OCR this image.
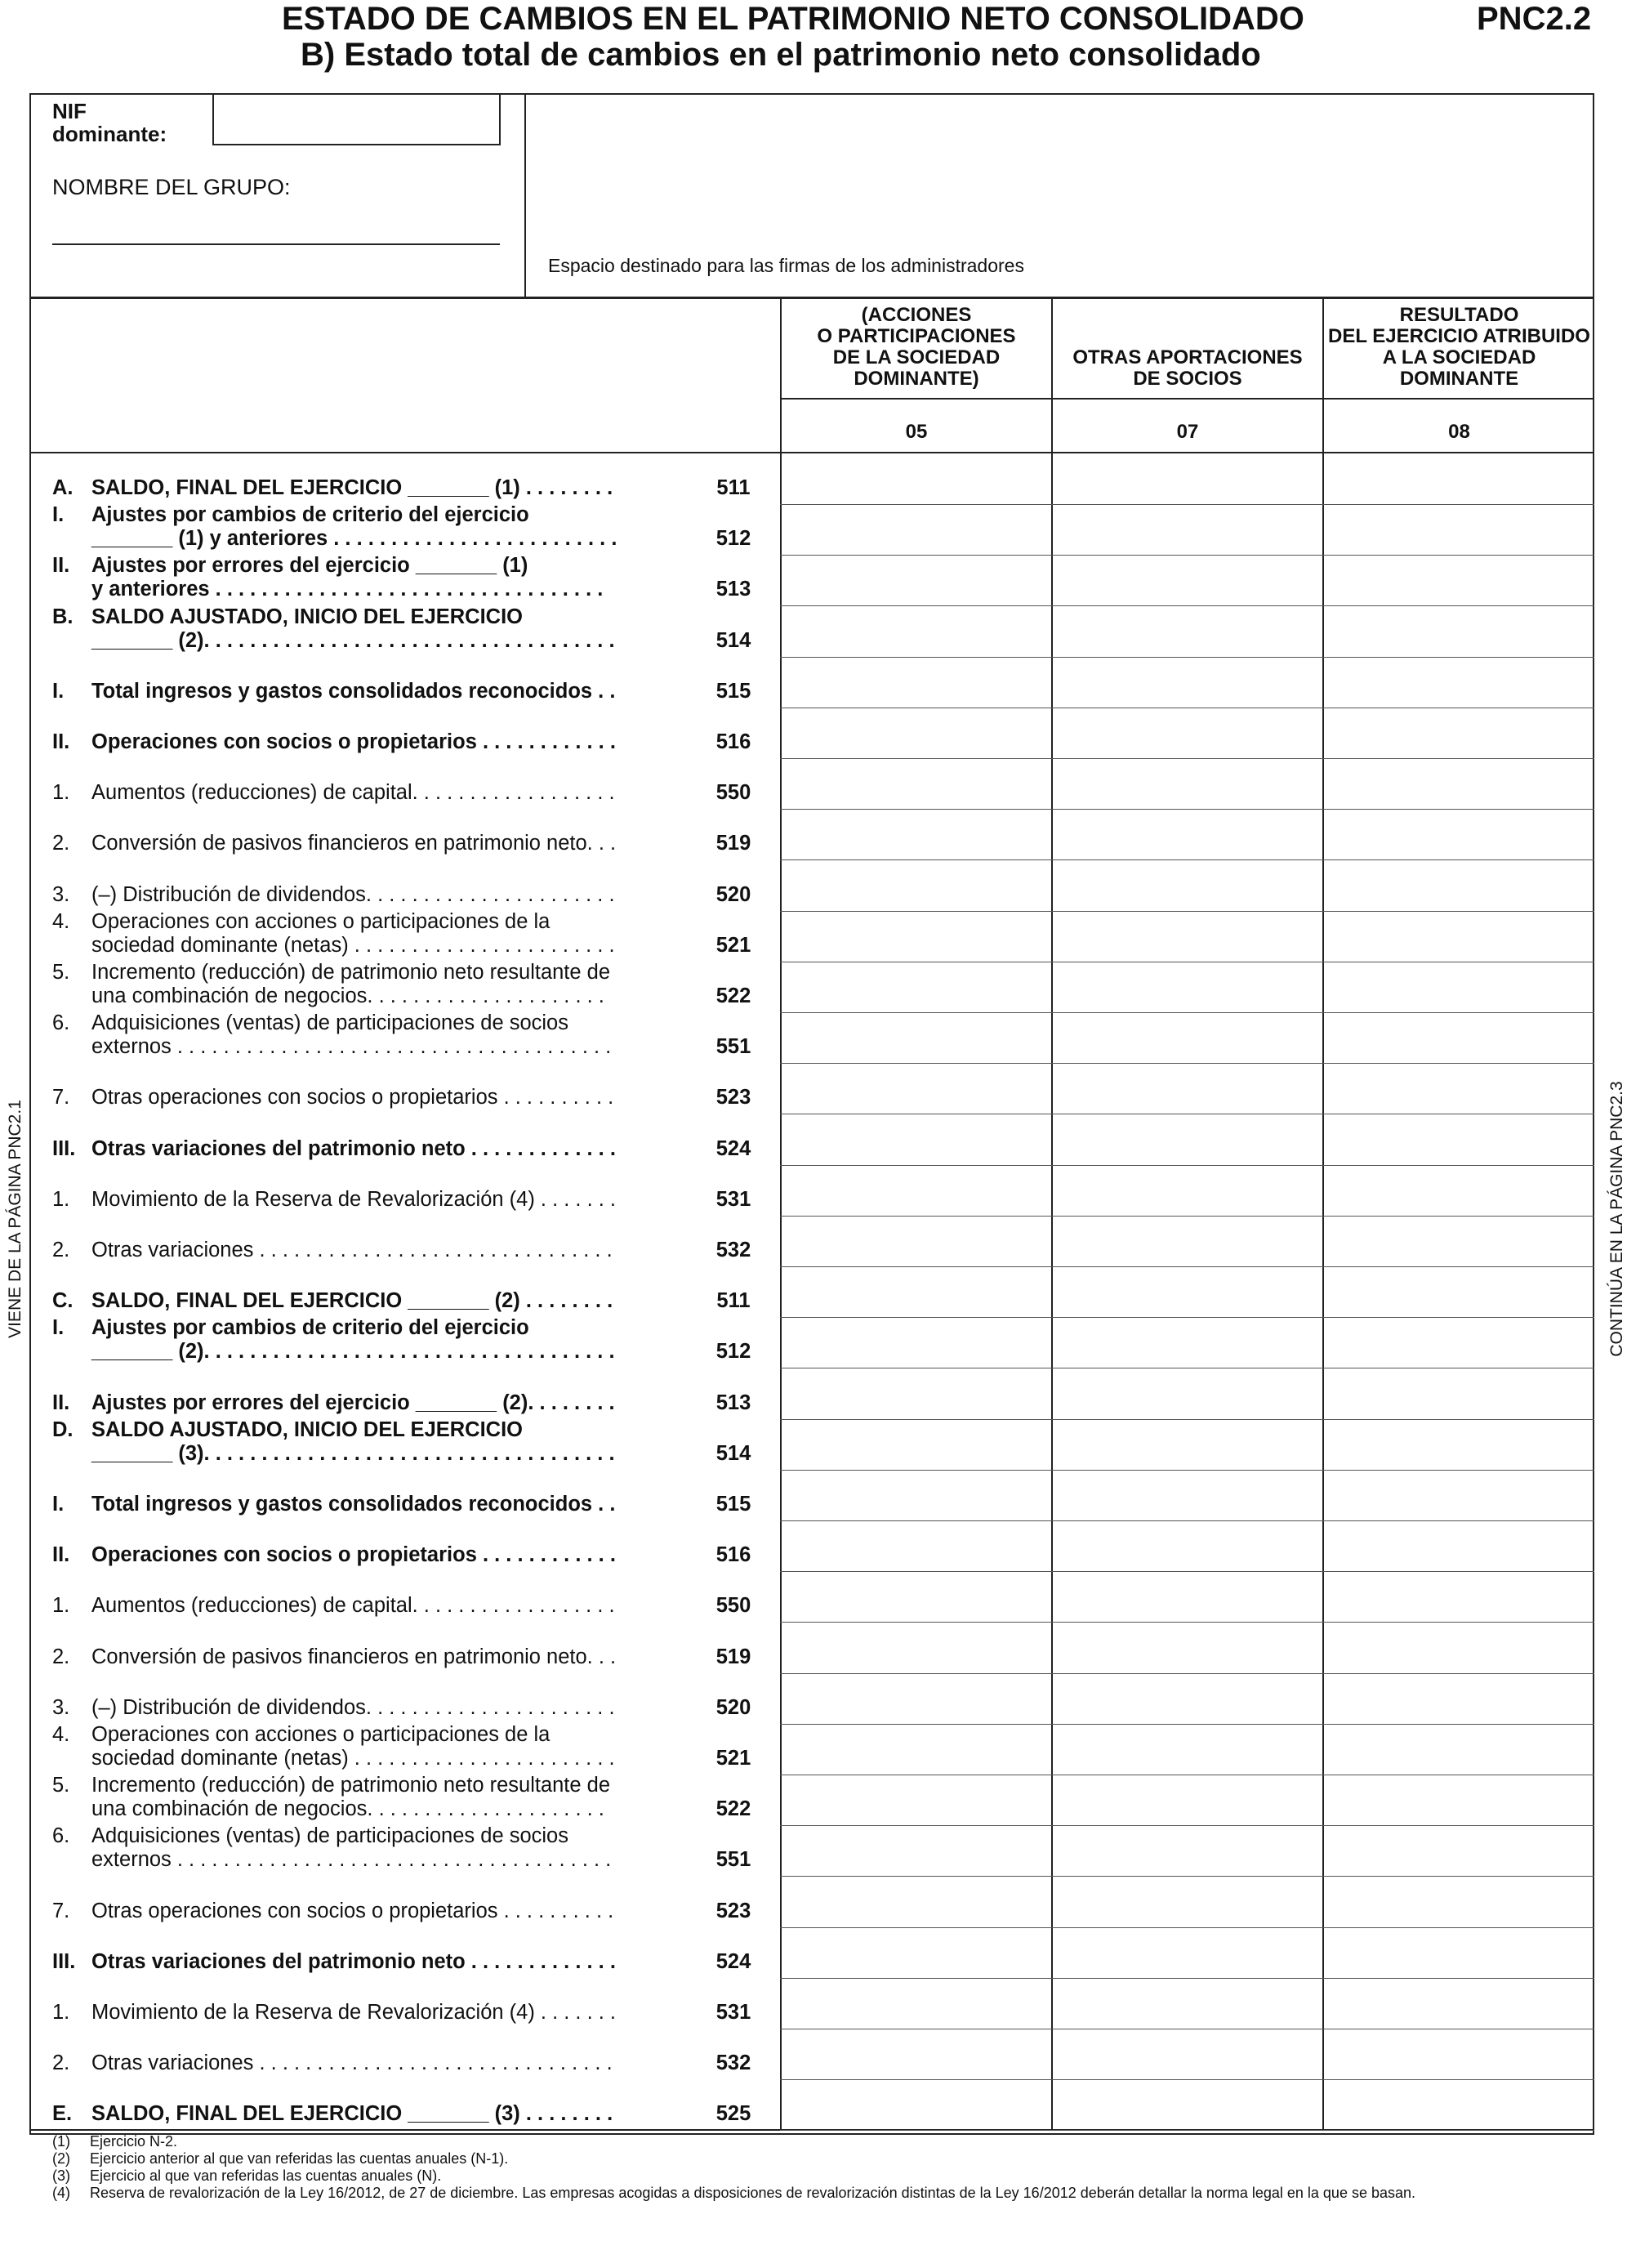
ESTADO DE CAMBIOS EN EL PATRIMONIO NETO CONSOLIDADO
B) Estado total de cambios en el patrimonio neto consolidado
PNC2.2
NIF
dominante:
NOMBRE DEL GRUPO:
Espacio destinado para las firmas de los administradores
(ACCIONES
O PARTICIPACIONES
DE LA SOCIEDAD
DOMINANTE)
OTRAS APORTACIONES
DE SOCIOS
RESULTADO
DEL EJERCICIO ATRIBUIDO
A LA SOCIEDAD
DOMINANTE
05	07	08
VIENE DE LA PÁGINA PNC2.1	CONTINÚA EN LA PÁGINA PNC2.3
A. SALDO, FINAL DEL EJERCICIO _______ (1) . . . . . . . .	511
I. Ajustes por cambios de criterio del ejercicio
_______ (1) y anteriores . . . . . . . . . . . . . . . . . . . . . . . . .	512
II. Ajustes por errores del ejercicio _______ (1)
y anteriores . . . . . . . . . . . . . . . . . . . . . . . . . . . . . . . . . .	513
B. SALDO AJUSTADO, INICIO DEL EJERCICIO
_______ (2). . . . . . . . . . . . . . . . . . . . . . . . . . . . . . . . . . . .	514
I. Total ingresos y gastos consolidados reconocidos . .	515
II. Operaciones con socios o propietarios . . . . . . . . . . . .	516
1. Aumentos (reducciones) de capital. . . . . . . . . . . . . . . . . .	550
2. Conversión de pasivos financieros en patrimonio neto. . .	519
3. (–) Distribución de dividendos. . . . . . . . . . . . . . . . . . . . . .	520
4. Operaciones con acciones o participaciones de la
sociedad dominante (netas) . . . . . . . . . . . . . . . . . . . . . . .	521
5. Incremento (reducción) de patrimonio neto resultante de
una combinación de negocios. . . . . . . . . . . . . . . . . . . . .	522
6. Adquisiciones (ventas) de participaciones de socios
externos . . . . . . . . . . . . . . . . . . . . . . . . . . . . . . . . . . . . . .	551
7. Otras operaciones con socios o propietarios . . . . . . . . . .	523
III. Otras variaciones del patrimonio neto . . . . . . . . . . . . .	524
1. Movimiento de la Reserva de Revalorización (4) . . . . . . .	531
2. Otras variaciones . . . . . . . . . . . . . . . . . . . . . . . . . . . . . . .	532
C. SALDO, FINAL DEL EJERCICIO _______ (2) . . . . . . . .	511
I. Ajustes por cambios de criterio del ejercicio
_______ (2). . . . . . . . . . . . . . . . . . . . . . . . . . . . . . . . . . . .	512
II. Ajustes por errores del ejercicio _______ (2). . . . . . . .	513
D. SALDO AJUSTADO, INICIO DEL EJERCICIO
_______ (3). . . . . . . . . . . . . . . . . . . . . . . . . . . . . . . . . . . .	514
I. Total ingresos y gastos consolidados reconocidos . .	515
II. Operaciones con socios o propietarios . . . . . . . . . . . .	516
1. Aumentos (reducciones) de capital. . . . . . . . . . . . . . . . . .	550
2. Conversión de pasivos financieros en patrimonio neto. . .	519
3. (–) Distribución de dividendos. . . . . . . . . . . . . . . . . . . . . .	520
4. Operaciones con acciones o participaciones de la
sociedad dominante (netas) . . . . . . . . . . . . . . . . . . . . . . .	521
5. Incremento (reducción) de patrimonio neto resultante de
una combinación de negocios. . . . . . . . . . . . . . . . . . . . .	522
6. Adquisiciones (ventas) de participaciones de socios
externos . . . . . . . . . . . . . . . . . . . . . . . . . . . . . . . . . . . . . .	551
7. Otras operaciones con socios o propietarios . . . . . . . . . .	523
III. Otras variaciones del patrimonio neto . . . . . . . . . . . . .	524
1. Movimiento de la Reserva de Revalorización (4) . . . . . . .	531
2. Otras variaciones . . . . . . . . . . . . . . . . . . . . . . . . . . . . . . .	532
E. SALDO, FINAL DEL EJERCICIO _______ (3) . . . . . . . .	525
(1) Ejercicio N-2.
(2) Ejercicio anterior al que van referidas las cuentas anuales (N-1).
(3) Ejercicio al que van referidas las cuentas anuales (N).
(4) Reserva de revalorización de la Ley 16/2012, de 27 de diciembre. Las empresas acogidas a disposiciones de revalorización distintas de la Ley 16/2012 deberán detallar la norma legal en la que se basan.
